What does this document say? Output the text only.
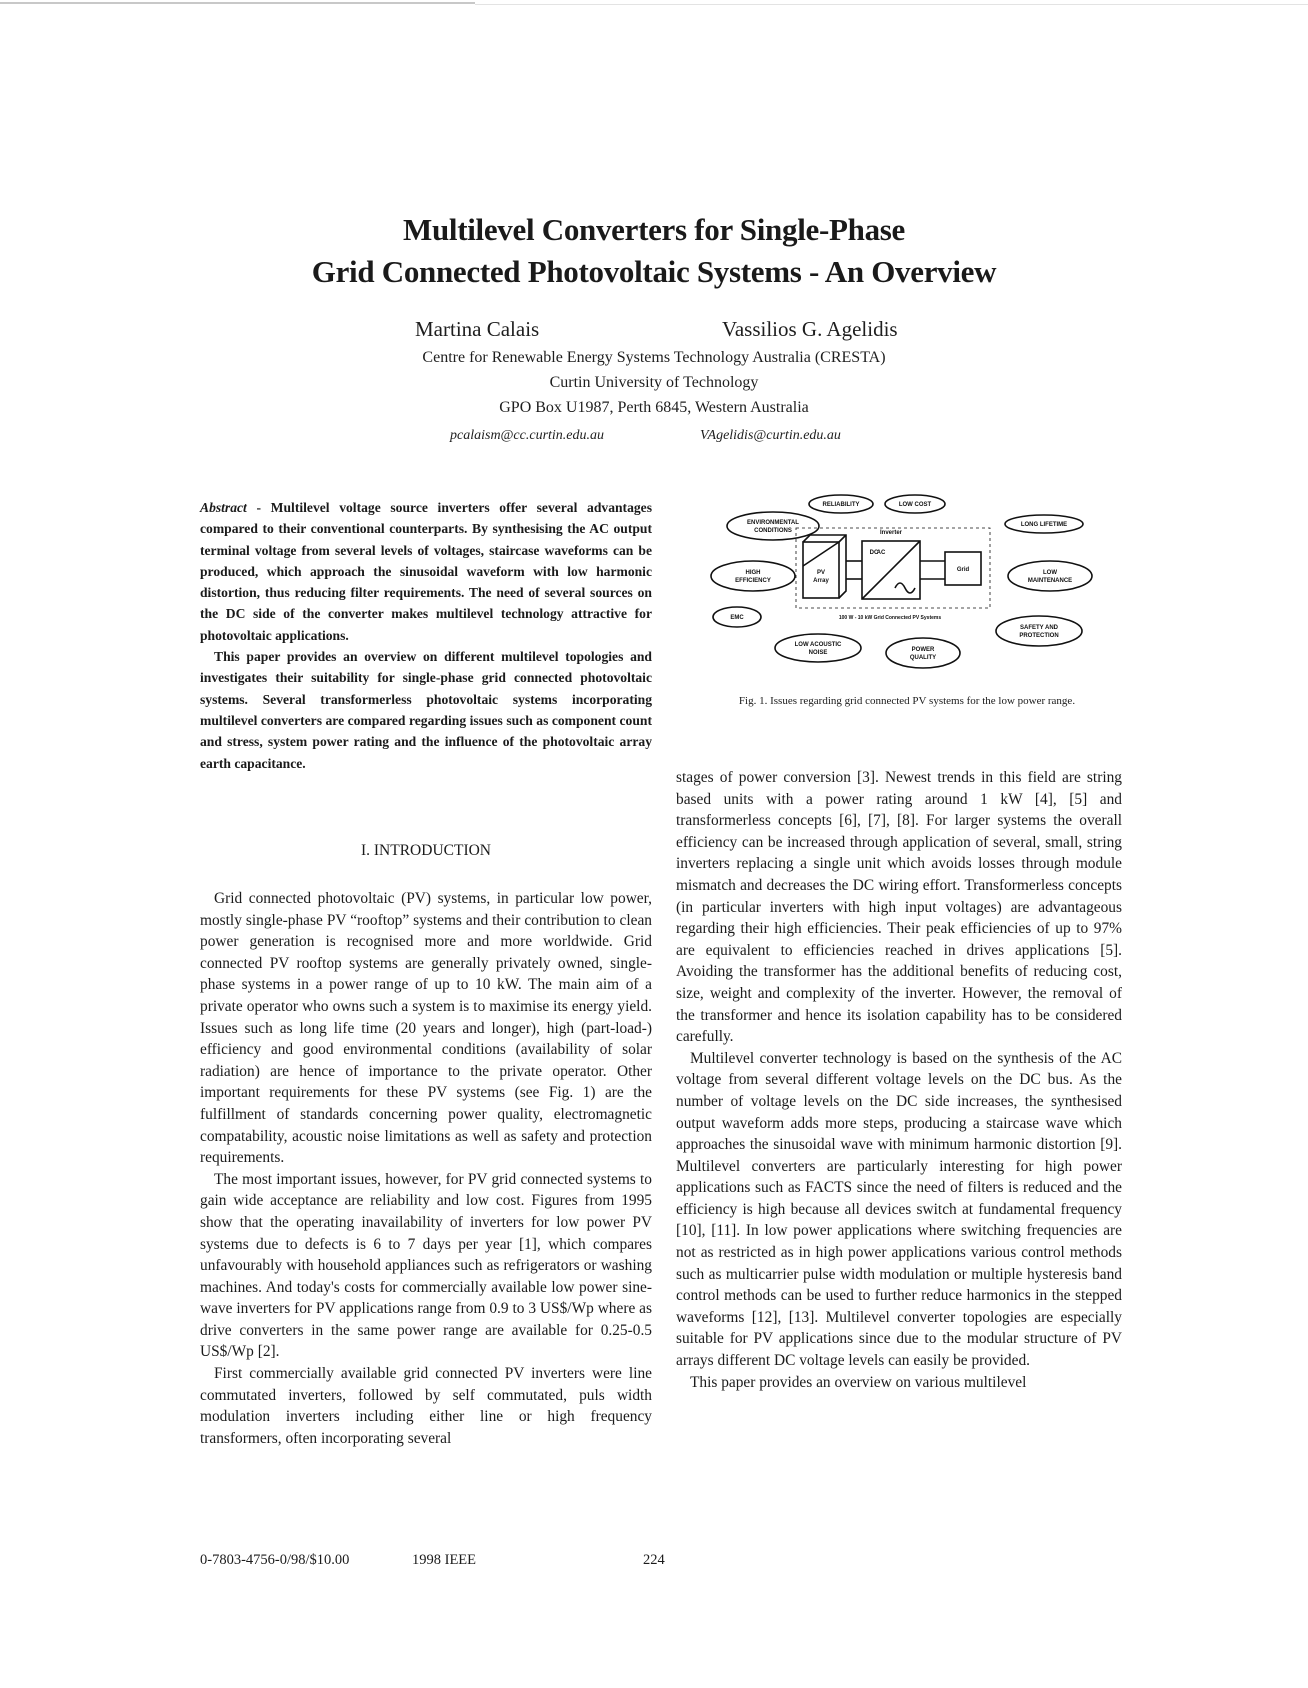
Multilevel Converters for Single-Phase
Grid Connected Photovoltaic Systems - An Overview
Martina Calais	Vassilios G. Agelidis
Centre for Renewable Energy Systems Technology Australia (CRESTA)
Curtin University of Technology
GPO Box U1987, Perth 6845, Western Australia
pcalaism@cc.curtin.edu.au	VAgelidis@curtin.edu.au

Abstract - Multilevel voltage source inverters offer several advantages compared to their conventional counterparts. By synthesising the AC output terminal voltage from several levels of voltages, staircase waveforms can be produced, which approach the sinusoidal waveform with low harmonic distortion, thus reducing filter requirements. The need of several sources on the DC side of the converter makes multilevel technology attractive for photovoltaic applications.

This paper provides an overview on different multilevel topologies and investigates their suitability for single-phase grid connected photovoltaic systems. Several transformerless photovoltaic systems incorporating multilevel converters are compared regarding issues such as component count and stress, system power rating and the influence of the photovoltaic array earth capacitance.

I. INTRODUCTION

Grid connected photovoltaic (PV) systems, in particular low power, mostly single-phase PV “rooftop” systems and their contribution to clean power generation is recognised more and more worldwide. Grid connected PV rooftop systems are generally privately owned, single-phase systems in a power range of up to 10 kW. The main aim of a private operator who owns such a system is to maximise its energy yield. Issues such as long life time (20 years and longer), high (part-load-) efficiency and good environmental conditions (availability of solar radiation) are hence of importance to the private operator. Other important requirements for these PV systems (see Fig. 1) are the fulfillment of standards concerning power quality, electromagnetic compatability, acoustic noise limitations as well as safety and protection requirements.

The most important issues, however, for PV grid connected systems to gain wide acceptance are reliability and low cost. Figures from 1995 show that the operating inavailability of inverters for low power PV systems due to defects is 6 to 7 days per year [1], which compares unfavourably with household appliances such as refrigerators or washing machines. And today's costs for commercially available low power sine-wave inverters for PV applications range from 0.9 to 3 US$/Wp where as drive converters in the same power range are available for 0.25-0.5 US$/Wp [2].

First commercially available grid connected PV inverters were line commutated inverters, followed by self commutated, puls width modulation inverters including either line or high frequency transformers, often incorporating several

RELIABILITY	LOW COST
ENVIRONMENTAL
CONDITIONS
LONG LIFETIME
Inverter
HIGH
EFFICIENCY
PV
Array
DC
AC
Grid	LOW
MAINTENANCE
EMC	100 W - 10 kW Grid Connected PV Systems
SAFETY AND
PROTECTION
LOW ACOUSTIC
NOISE	POWER
QUALITY
Fig. 1. Issues regarding grid connected PV systems for the low power range.

stages of power conversion [3]. Newest trends in this field are string based units with a power rating around 1 kW [4], [5] and transformerless concepts [6], [7], [8]. For larger systems the overall efficiency can be increased through application of several, small, string inverters replacing a single unit which avoids losses through module mismatch and decreases the DC wiring effort. Transformerless concepts (in particular inverters with high input voltages) are advantageous regarding their high efficiencies. Their peak efficiencies of up to 97% are equivalent to efficiencies reached in drives applications [5]. Avoiding the transformer has the additional benefits of reducing cost, size, weight and complexity of the inverter. However, the removal of the transformer and hence its isolation capability has to be considered carefully.

Multilevel converter technology is based on the synthesis of the AC voltage from several different voltage levels on the DC bus. As the number of voltage levels on the DC side increases, the synthesised output waveform adds more steps, producing a staircase wave which approaches the sinusoidal wave with minimum harmonic distortion [9]. Multilevel converters are particularly interesting for high power applications such as FACTS since the need of filters is reduced and the efficiency is high because all devices switch at fundamental frequency [10], [11]. In low power applications where switching frequencies are not as restricted as in high power applications various control methods such as multicarrier pulse width modulation or multiple hysteresis band control methods can be used to further reduce harmonics in the stepped waveforms [12], [13]. Multilevel converter topologies are especially suitable for PV applications since due to the modular structure of PV arrays different DC voltage levels can easily be provided.

This paper provides an overview on various multilevel

0-7803-4756-0/98/$10.00	1998 IEEE	224
